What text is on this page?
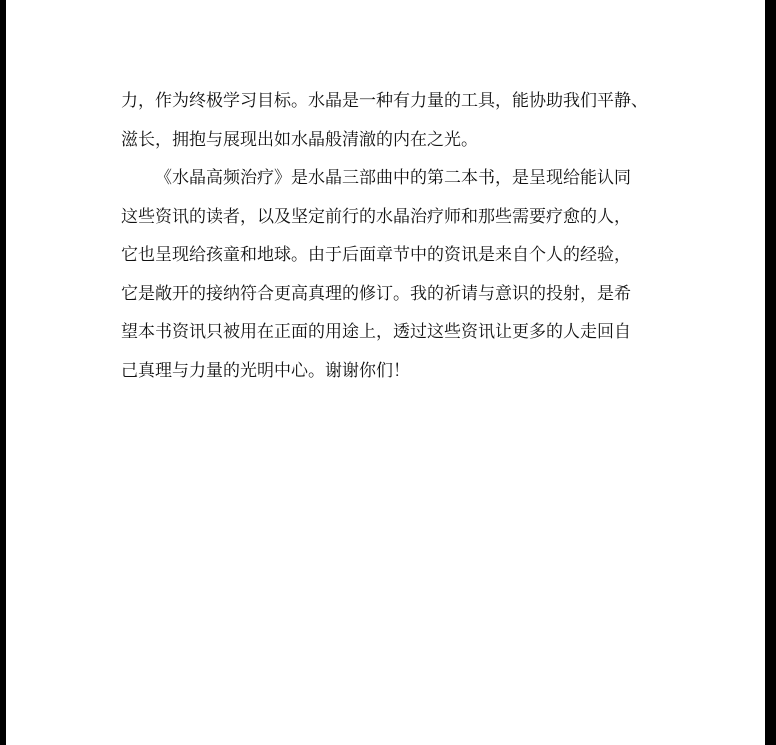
力，作为终极学习目标。水晶是一种有力量的工具，能协助我们平静、
滋长，拥抱与展现出如水晶般清澈的内在之光。
《水晶高频治疗》是水晶三部曲中的第二本书，是呈现给能认同
这些资讯的读者，以及坚定前行的水晶治疗师和那些需要疗愈的人，
它也呈现给孩童和地球。由于后面章节中的资讯是来自个人的经验，
它是敞开的接纳符合更高真理的修订。我的祈请与意识的投射，是希
望本书资讯只被用在正面的用途上，透过这些资讯让更多的人走回自
己真理与力量的光明中心。谢谢你们！
